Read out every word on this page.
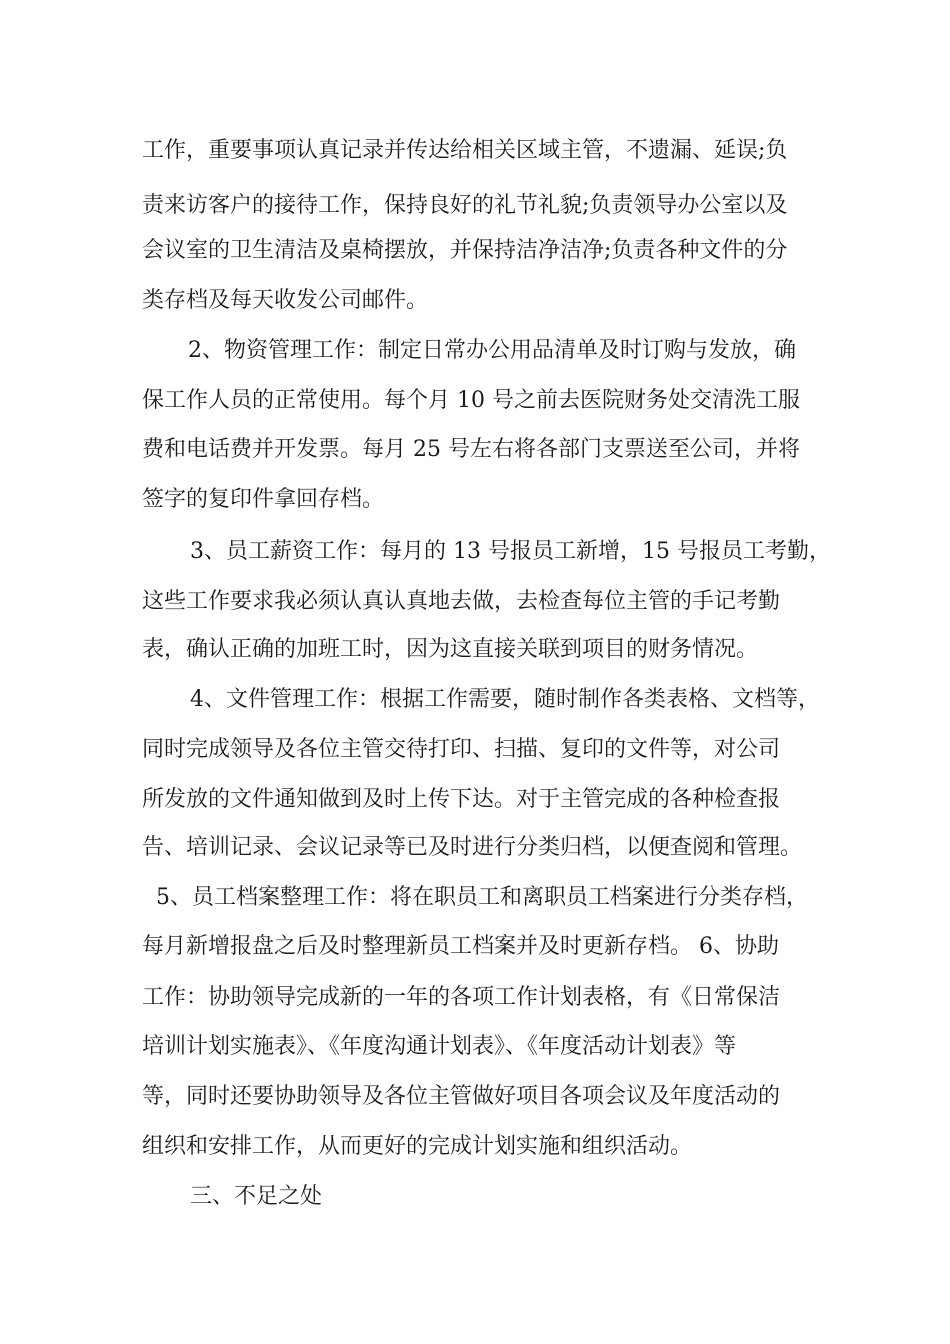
工作，重要事项认真记录并传达给相关区域主管，不遗漏、延误;负

责来访客户的接待工作，保持良好的礼节礼貌;负责领导办公室以及

会议室的卫生清洁及桌椅摆放，并保持洁净洁净;负责各种文件的分

类存档及每天收发公司邮件。

2、物资管理工作：制定日常办公用品清单及时订购与发放，确

保工作人员的正常使用。每个月 10 号之前去医院财务处交清洗工服

费和电话费并开发票。每月 25 号左右将各部门支票送至公司，并将

签字的复印件拿回存档。

3、员工薪资工作：每月的 13 号报员工新增，15 号报员工考勤，

这些工作要求我必须认真认真地去做，去检查每位主管的手记考勤

表，确认正确的加班工时，因为这直接关联到项目的财务情况。

4、文件管理工作：根据工作需要，随时制作各类表格、文档等，

同时完成领导及各位主管交待打印、扫描、复印的文件等，对公司

所发放的文件通知做到及时上传下达。对于主管完成的各种检查报

告、培训记录、会议记录等已及时进行分类归档，以便查阅和管理。

5、员工档案整理工作：将在职员工和离职员工档案进行分类存档，

每月新增报盘之后及时整理新员工档案并及时更新存档。 6、协助

工作：协助领导完成新的一年的各项工作计划表格，有《日常保洁

培训计划实施表》、《年度沟通计划表》、《年度活动计划表》等

等，同时还要协助领导及各位主管做好项目各项会议及年度活动的

组织和安排工作，从而更好的完成计划实施和组织活动。

三、不足之处
